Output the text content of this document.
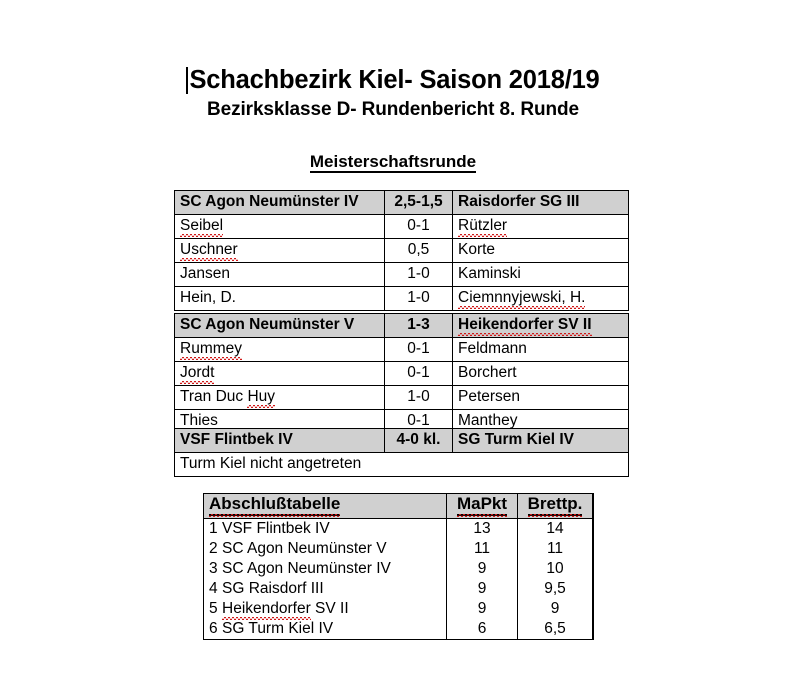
Schachbezirk Kiel- Saison 2018/19
Bezirksklasse D- Rundenbericht 8. Runde
Meisterschaftsrunde
SC Agon Neumünster IV	2,5-1,5	Raisdorfer SG III
Seibel	0-1	Rützler
Uschner	0,5	Korte
Jansen	1-0	Kaminski
Hein, D.	1-0	Ciemnnyjewski, H.
SC Agon Neumünster V	1-3	Heikendorfer SV II
Rummey	0-1	Feldmann
Jordt	0-1	Borchert
Tran Duc Huy	1-0	Petersen
Thies	0-1	Manthey
VSF Flintbek IV	4-0 kl.	SG Turm Kiel IV
Turm Kiel nicht angetreten
Abschlußtabelle	MaPkt	Brettp.
1 VSF Flintbek IV	13	14
2 SC Agon Neumünster V	11	11
3 SC Agon Neumünster IV	9	10
4 SG Raisdorf III	9	9,5
5 Heikendorfer SV II	9	9
6 SG Turm Kiel IV	6	6,5
